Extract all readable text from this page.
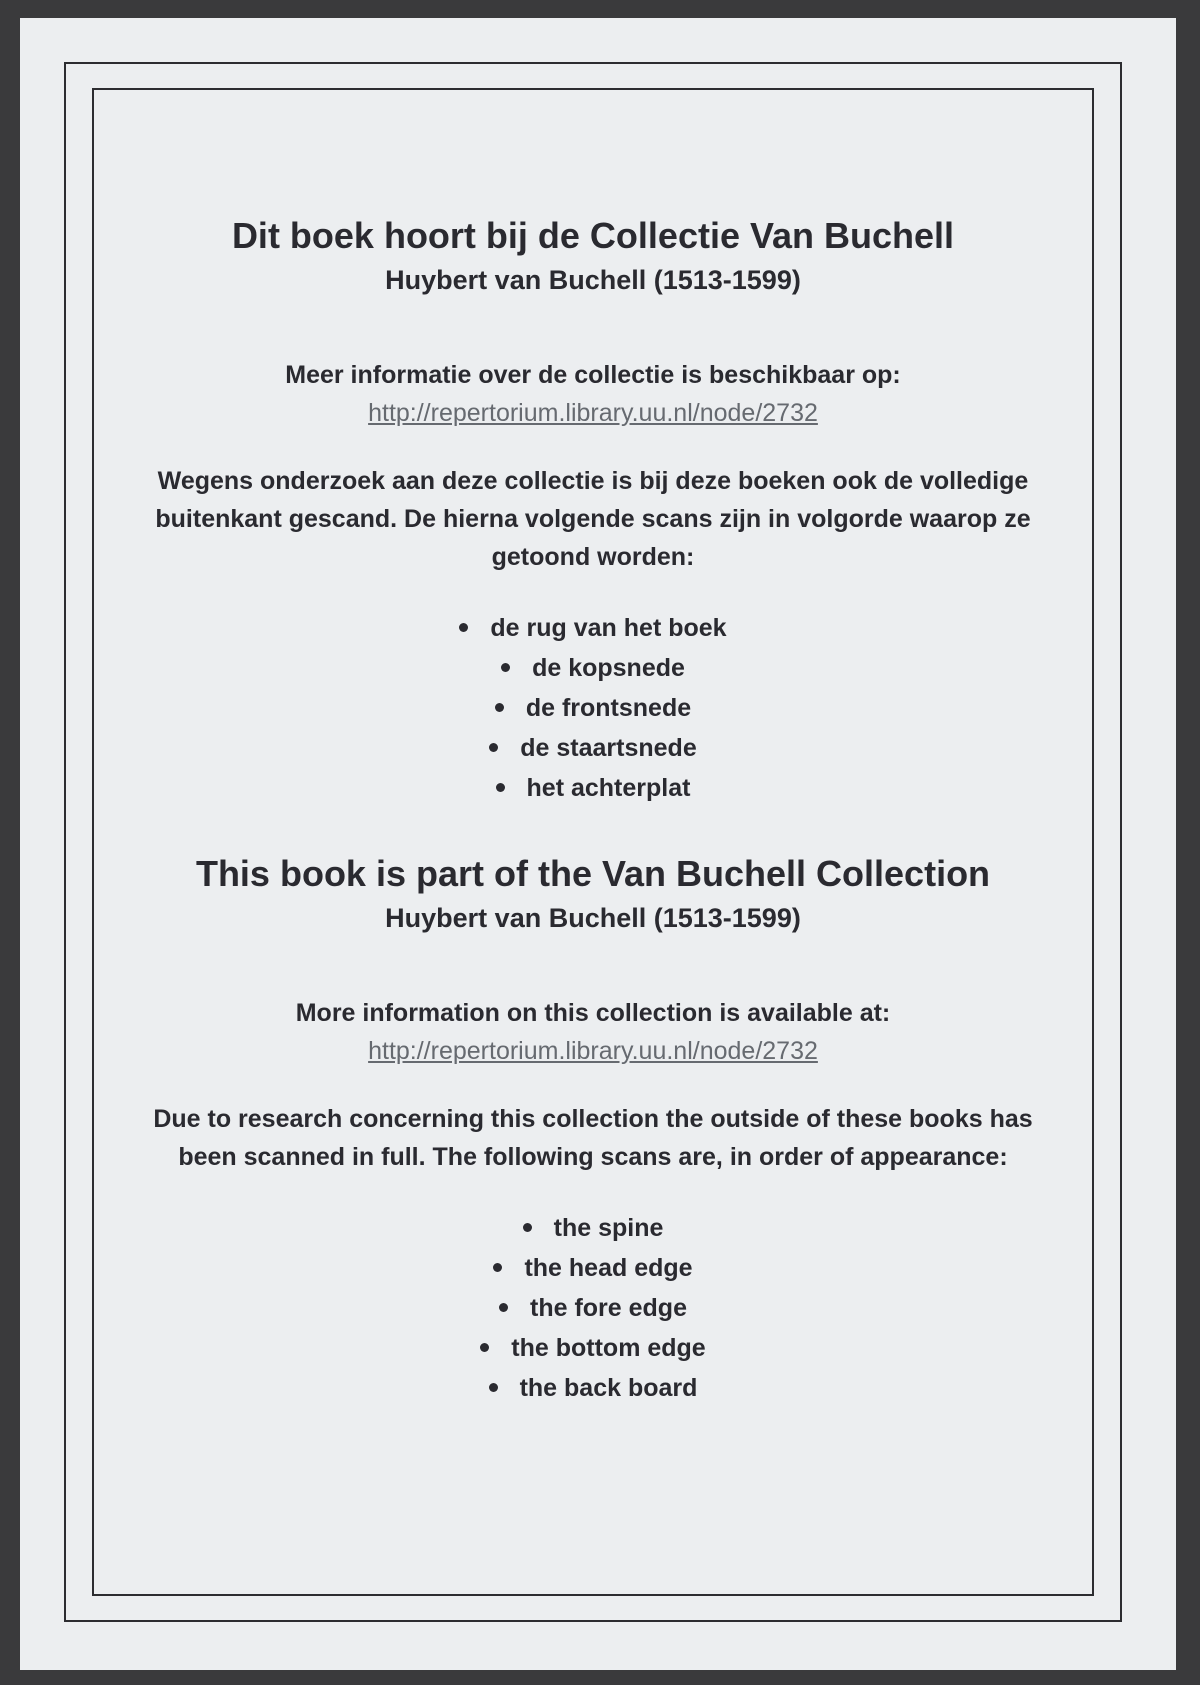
Dit boek hoort bij de Collectie Van Buchell

Huybert van Buchell (1513-1599)

Meer informatie over de collectie is beschikbaar op:

http://repertorium.library.uu.nl/node/2732

Wegens onderzoek aan deze collectie is bij deze boeken ook de volledige buitenkant gescand. De hierna volgende scans zijn in volgorde waarop ze getoond worden:

de rug van het boek
de kopsnede
de frontsnede
de staartsnede
het achterplat
This book is part of the Van Buchell Collection

Huybert van Buchell (1513-1599)

More information on this collection is available at:

http://repertorium.library.uu.nl/node/2732

Due to research concerning this collection the outside of these books has been scanned in full. The following scans are, in order of appearance:

the spine
the head edge
the fore edge
the bottom edge
the back board
